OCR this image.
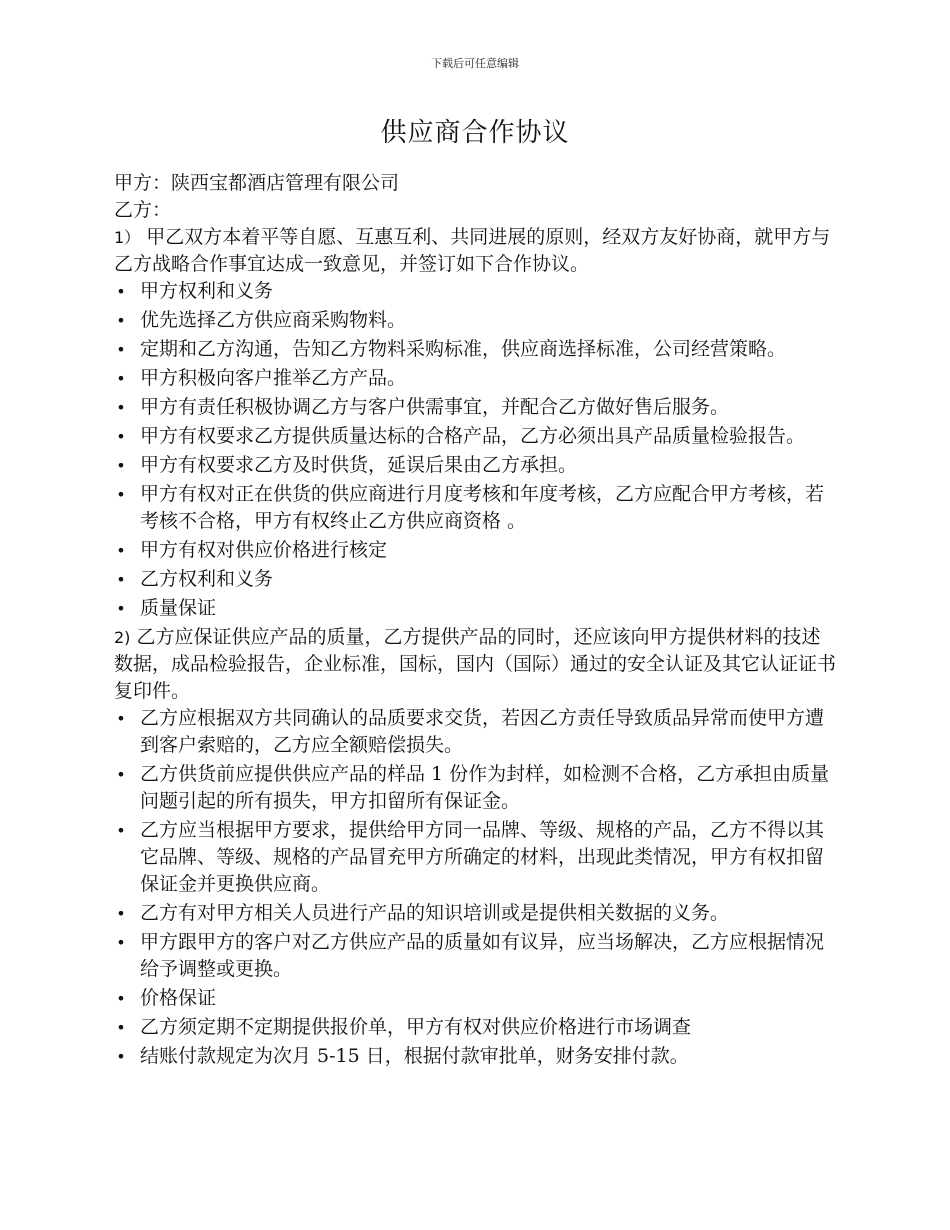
下载后可任意编辑
供应商合作协议

甲方：陕西宝都酒店管理有限公司

乙方：

1） 甲乙双方本着平等自愿、互惠互利、共同进展的原则，经双方友好协商，就甲方与乙方战略合作事宜达成一致意见，并签订如下合作协议。

• 甲方权利和义务
• 优先选择乙方供应商采购物料。
• 定期和乙方沟通，告知乙方物料采购标准，供应商选择标准，公司经营策略。
• 甲方积极向客户推举乙方产品。
• 甲方有责任积极协调乙方与客户供需事宜，并配合乙方做好售后服务。
• 甲方有权要求乙方提供质量达标的合格产品，乙方必须出具产品质量检验报告。
• 甲方有权要求乙方及时供货，延误后果由乙方承担。
• 甲方有权对正在供货的供应商进行月度考核和年度考核，乙方应配合甲方考核，若考核不合格，甲方有权终止乙方供应商资格 。
• 甲方有权对供应价格进行核定
• 乙方权利和义务
• 质量保证

2) 乙方应保证供应产品的质量，乙方提供产品的同时，还应该向甲方提供材料的技述数据，成品检验报告，企业标准，国标，国内（国际）通过的安全认证及其它认证证书复印件。

• 乙方应根据双方共同确认的品质要求交货，若因乙方责任导致质品异常而使甲方遭到客户索赔的，乙方应全额赔偿损失。
• 乙方供货前应提供供应产品的样品 1 份作为封样，如检测不合格，乙方承担由质量问题引起的所有损失，甲方扣留所有保证金。
• 乙方应当根据甲方要求，提供给甲方同一品牌、等级、规格的产品，乙方不得以其它品牌、等级、规格的产品冒充甲方所确定的材料，出现此类情况，甲方有权扣留保证金并更换供应商。
• 乙方有对甲方相关人员进行产品的知识培训或是提供相关数据的义务。
• 甲方跟甲方的客户对乙方供应产品的质量如有议异，应当场解决，乙方应根据情况给予调整或更换。
• 价格保证
• 乙方须定期不定期提供报价单，甲方有权对供应价格进行市场调查
• 结账付款规定为次月 5-15 日，根据付款审批单，财务安排付款。
